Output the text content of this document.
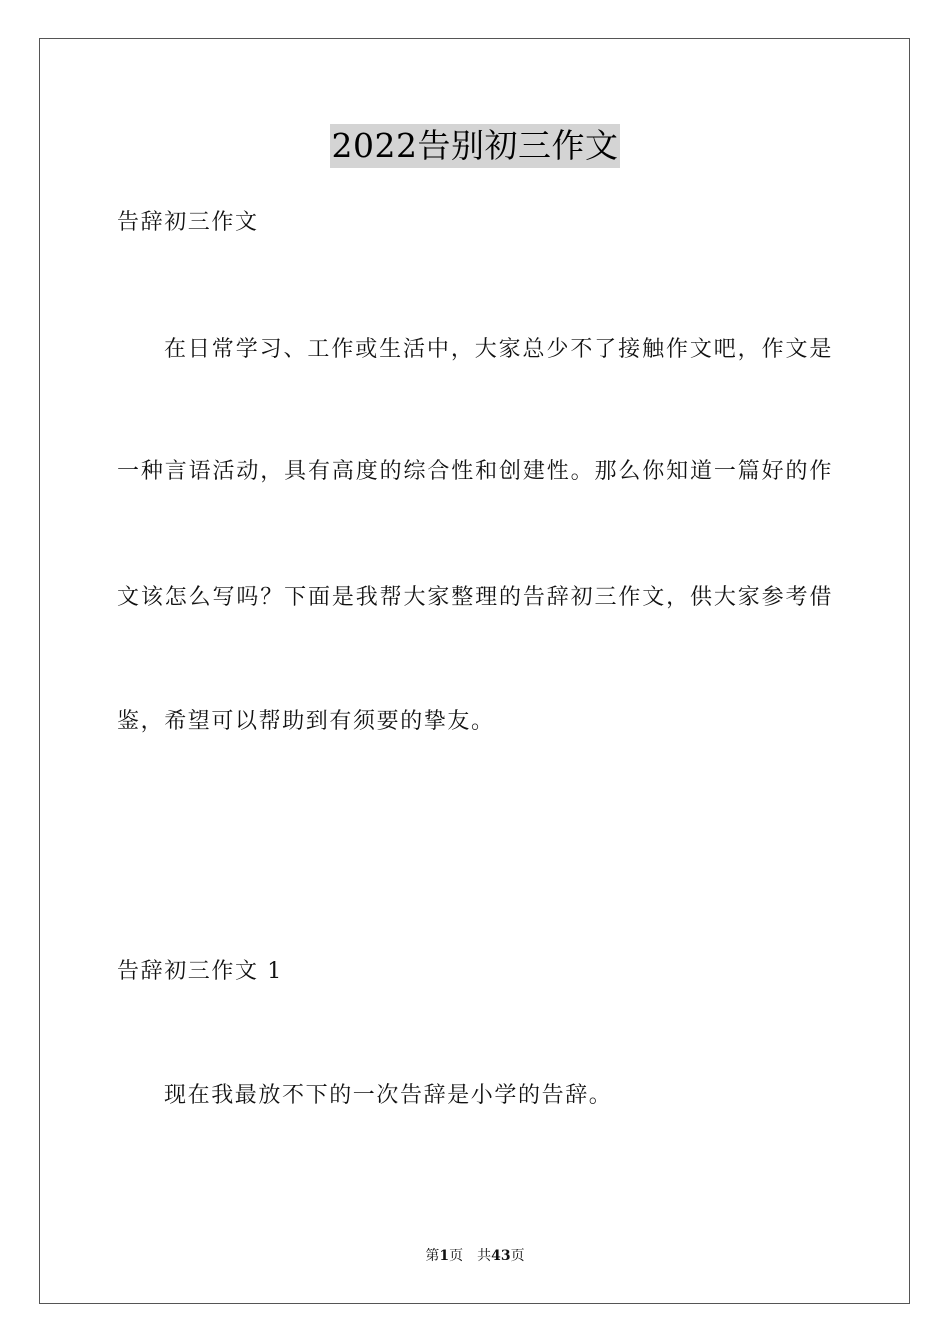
2022告别初三作文
告辞初三作文
在日常学习、工作或生活中，大家总少不了接触作文吧，作文是
一种言语活动，具有高度的综合性和创建性。那么你知道一篇好的作
文该怎么写吗？下面是我帮大家整理的告辞初三作文，供大家参考借
鉴，希望可以帮助到有须要的挚友。
告辞初三作文 1
现在我最放不下的一次告辞是小学的告辞。
第1页 共43页
